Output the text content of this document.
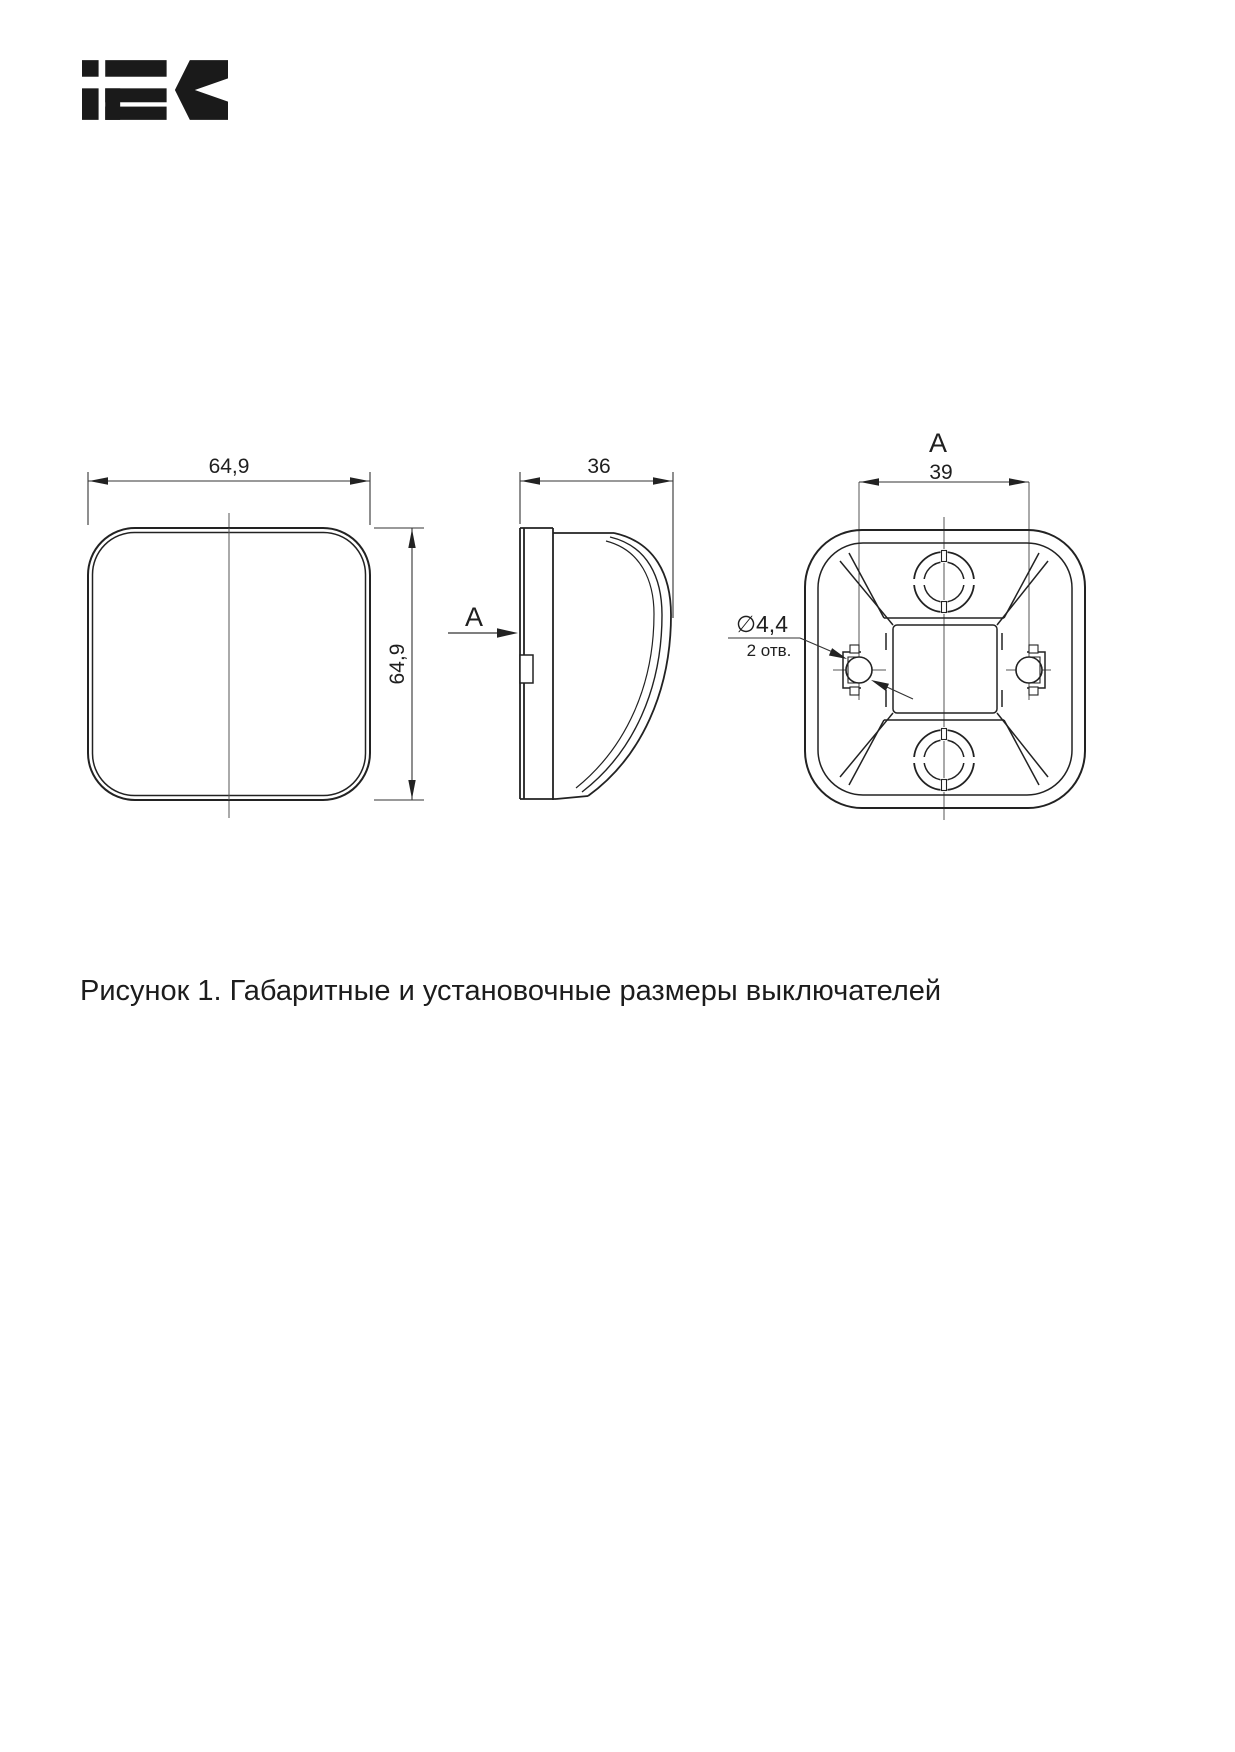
64,9
64,9
36
A
39
A
∅4,4
2 отв.

Рисунок 1. Габаритные и установочные размеры выключателей
